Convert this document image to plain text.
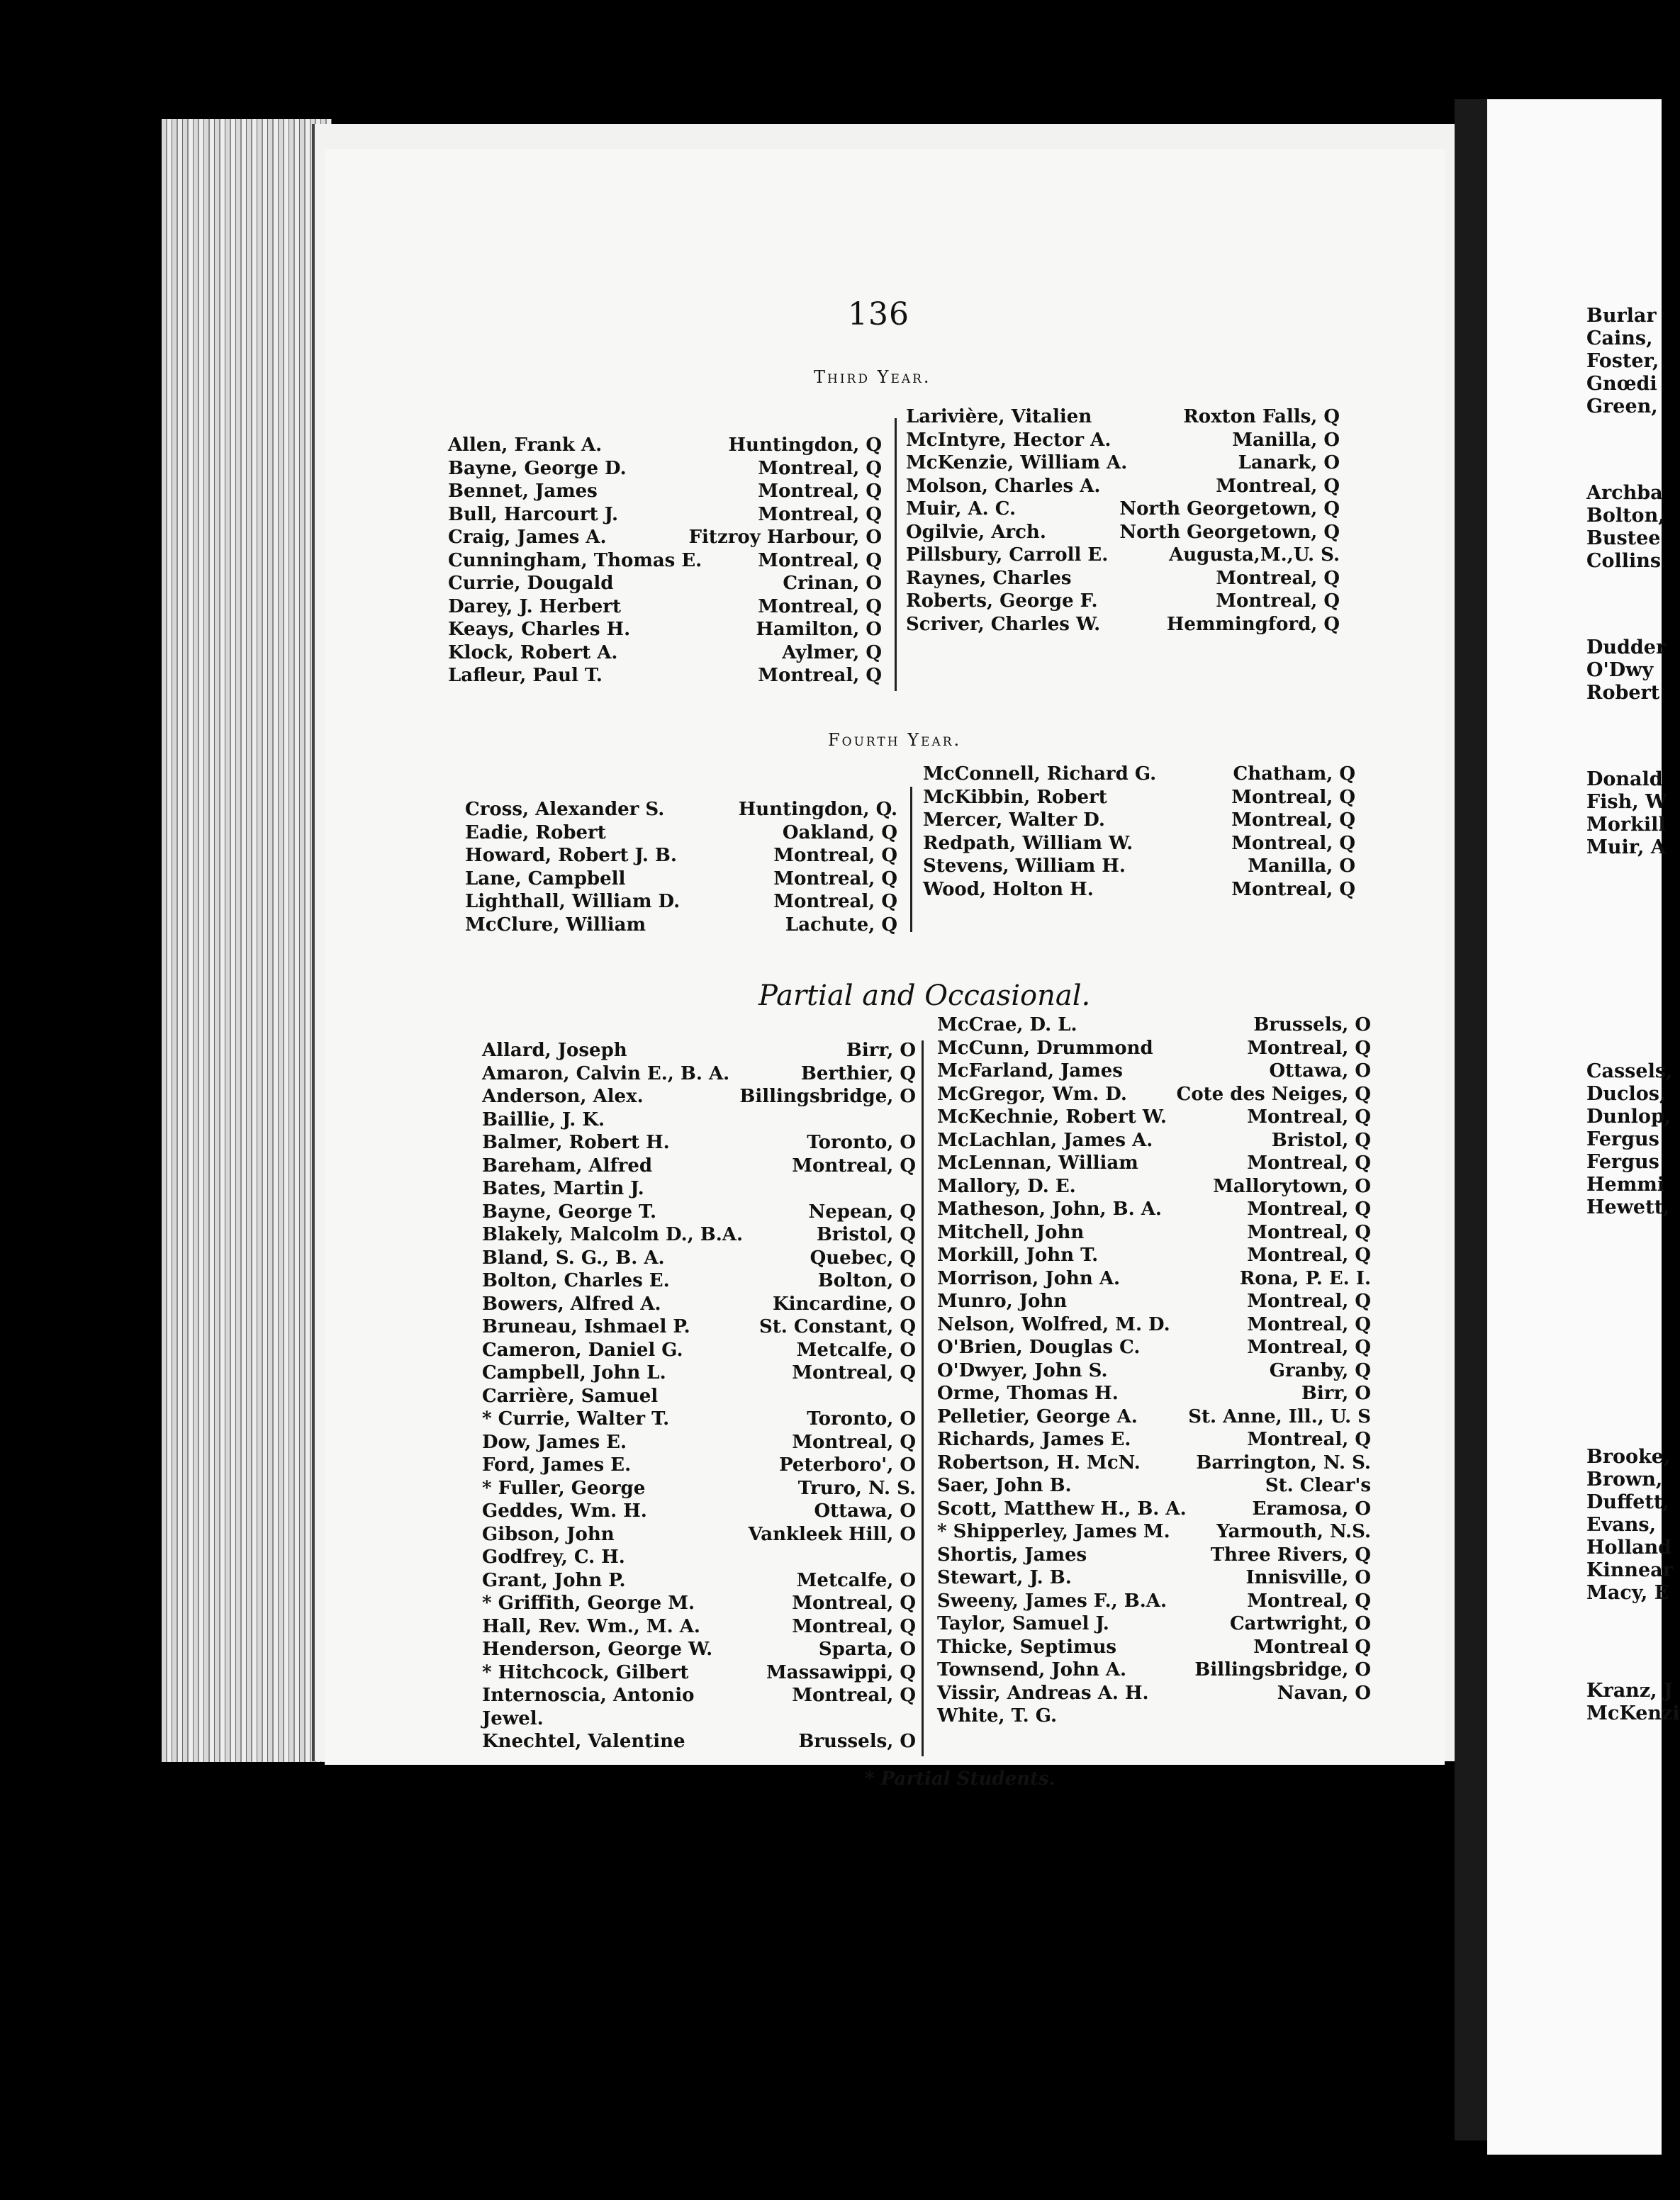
Burlar
Cains,
Foster,
Gnœdi
Green,
Archba
Bolton,
Bustee
Collins
Dudder
O'Dwy
Robert
Donald
Fish, W
Morkill
Muir, A
Cassels,
Duclos,
Dunlop,
Fergus
Fergus
Hemmi
Hewett,
Brooke,
Brown,
Duffett,
Evans,
Holland
Kinnear
Macy, E
Kranz, J
McKenzi
136
Third Year.
Allen, Frank A.	Huntingdon, Q
Bayne, George D.	Montreal, Q
Bennet, James	Montreal, Q
Bull, Harcourt J.	Montreal, Q
Craig, James A.	Fitzroy Harbour, O
Cunningham, Thomas E.	Montreal, Q
Currie, Dougald	Crinan, O
Darey, J. Herbert	Montreal, Q
Keays, Charles H.	Hamilton, O
Klock, Robert A.	Aylmer, Q
Lafleur, Paul T.	Montreal, Q
Larivière, Vitalien	Roxton Falls, Q
McIntyre, Hector A.	Manilla, O
McKenzie, William A.	Lanark, O
Molson, Charles A.	Montreal, Q
Muir, A. C.	North Georgetown, Q
Ogilvie, Arch.	North Georgetown, Q
Pillsbury, Carroll E.	Augusta,M.,U. S.
Raynes, Charles	Montreal, Q
Roberts, George F.	Montreal, Q
Scriver, Charles W.	Hemmingford, Q
Fourth Year.
Cross, Alexander S.	Huntingdon, Q.
Eadie, Robert	Oakland, Q
Howard, Robert J. B.	Montreal, Q
Lane, Campbell	Montreal, Q
Lighthall, William D.	Montreal, Q
McClure, William	Lachute, Q
McConnell, Richard G.	Chatham, Q
McKibbin, Robert	Montreal, Q
Mercer, Walter D.	Montreal, Q
Redpath, William W.	Montreal, Q
Stevens, William H.	Manilla, O
Wood, Holton H.	Montreal, Q
Partial and Occasional.
Allard, Joseph	Birr, O
Amaron, Calvin E., B. A.	Berthier, Q
Anderson, Alex.	Billingsbridge, O
Baillie, J. K.
Balmer, Robert H.	Toronto, O
Bareham, Alfred	Montreal, Q
Bates, Martin J.
Bayne, George T.	Nepean, Q
Blakely, Malcolm D., B.A.	Bristol, Q
Bland, S. G., B. A.	Quebec, Q
Bolton, Charles E.	Bolton, O
Bowers, Alfred A.	Kincardine, O
Bruneau, Ishmael P.	St. Constant, Q
Cameron, Daniel G.	Metcalfe, O
Campbell, John L.	Montreal, Q
Carrière, Samuel
* Currie, Walter T.	Toronto, O
Dow, James E.	Montreal, Q
Ford, James E.	Peterboro', O
* Fuller, George	Truro, N. S.
Geddes, Wm. H.	Ottawa, O
Gibson, John	Vankleek Hill, O
Godfrey, C. H.
Grant, John P.	Metcalfe, O
* Griffith, George M.	Montreal, Q
Hall, Rev. Wm., M. A.	Montreal, Q
Henderson, George W.	Sparta, O
* Hitchcock, Gilbert	Massawippi, Q
Internoscia, Antonio	Montreal, Q
Jewel.
Knechtel, Valentine	Brussels, O
McCrae, D. L.	Brussels, O
McCunn, Drummond	Montreal, Q
McFarland, James	Ottawa, O
McGregor, Wm. D.	Cote des Neiges, Q
McKechnie, Robert W.	Montreal, Q
McLachlan, James A.	Bristol, Q
McLennan, William	Montreal, Q
Mallory, D. E.	Mallorytown, O
Matheson, John, B. A.	Montreal, Q
Mitchell, John	Montreal, Q
Morkill, John T.	Montreal, Q
Morrison, John A.	Rona, P. E. I.
Munro, John	Montreal, Q
Nelson, Wolfred, M. D.	Montreal, Q
O'Brien, Douglas C.	Montreal, Q
O'Dwyer, John S.	Granby, Q
Orme, Thomas H.	Birr, O
Pelletier, George A.	St. Anne, Ill., U. S
Richards, James E.	Montreal, Q
Robertson, H. McN.	Barrington, N. S.
Saer, John B.	St. Clear's
Scott, Matthew H., B. A.	Eramosa, O
* Shipperley, James M.	Yarmouth, N.S.
Shortis, James	Three Rivers, Q
Stewart, J. B.	Innisville, O
Sweeny, James F., B.A.	Montreal, Q
Taylor, Samuel J.	Cartwright, O
Thicke, Septimus	Montreal Q
Townsend, John A.	Billingsbridge, O
Vissir, Andreas A. H.	Navan, O
White, T. G.
* Partial Students.
